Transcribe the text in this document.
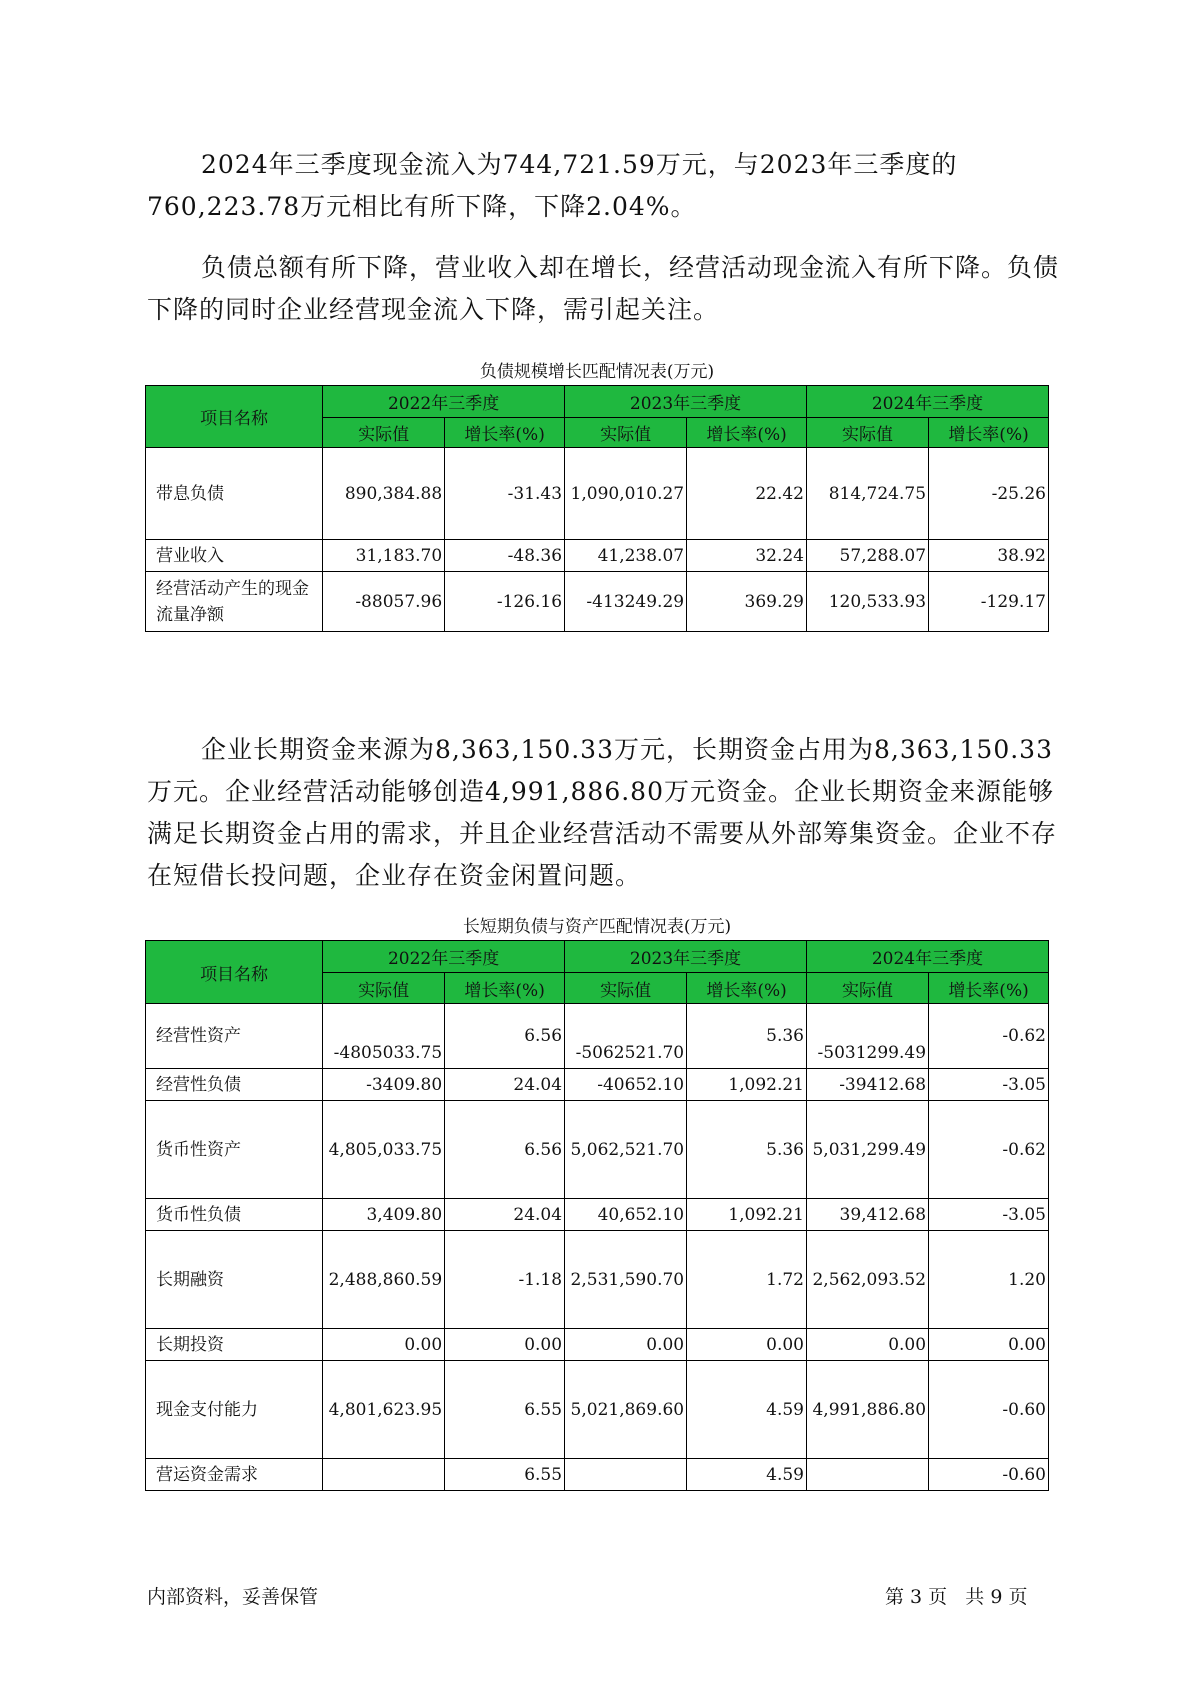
2024年三季度现金流入为744,721.59万元，与2023年三季度的760,223.78万元相比有所下降，下降2.04%。

负债总额有所下降，营业收入却在增长，经营活动现金流入有所下降。负债下降的同时企业经营现金流入下降，需引起关注。

负债规模增长匹配情况表(万元)

项目名称	2022年三季度		2023年三季度		2024年三季度	
	实际值	增长率(%)	实际值	增长率(%)	实际值	增长率(%)
带息负债	890,384.88	-31.43	1,090,010.27	22.42	814,724.75	-25.26
营业收入	31,183.70	-48.36	41,238.07	32.24	57,288.07	38.92
经营活动产生的现金流量净额	-88057.96	-126.16	-413249.29	369.29	120,533.93	-129.17

企业长期资金来源为8,363,150.33万元，长期资金占用为8,363,150.33万元。企业经营活动能够创造4,991,886.80万元资金。企业长期资金来源能够满足长期资金占用的需求，并且企业经营活动不需要从外部筹集资金。企业不存在短借长投问题，企业存在资金闲置问题。

长短期负债与资产匹配情况表(万元)

项目名称	2022年三季度		2023年三季度		2024年三季度	
	实际值	增长率(%)	实际值	增长率(%)	实际值	增长率(%)
经营性资产	-4805033.75	6.56	-5062521.70	5.36	-5031299.49	-0.62
经营性负债	-3409.80	24.04	-40652.10	1,092.21	-39412.68	-3.05
货币性资产	4,805,033.75	6.56	5,062,521.70	5.36	5,031,299.49	-0.62
货币性负债	3,409.80	24.04	40,652.10	1,092.21	39,412.68	-3.05
长期融资	2,488,860.59	-1.18	2,531,590.70	1.72	2,562,093.52	1.20
长期投资	0.00	0.00	0.00	0.00	0.00	0.00
现金支付能力	4,801,623.95	6.55	5,021,869.60	4.59	4,991,886.80	-0.60
营运资金需求		6.55		4.59		-0.60
内部资料，妥善保管	第 3 页   共 9 页
